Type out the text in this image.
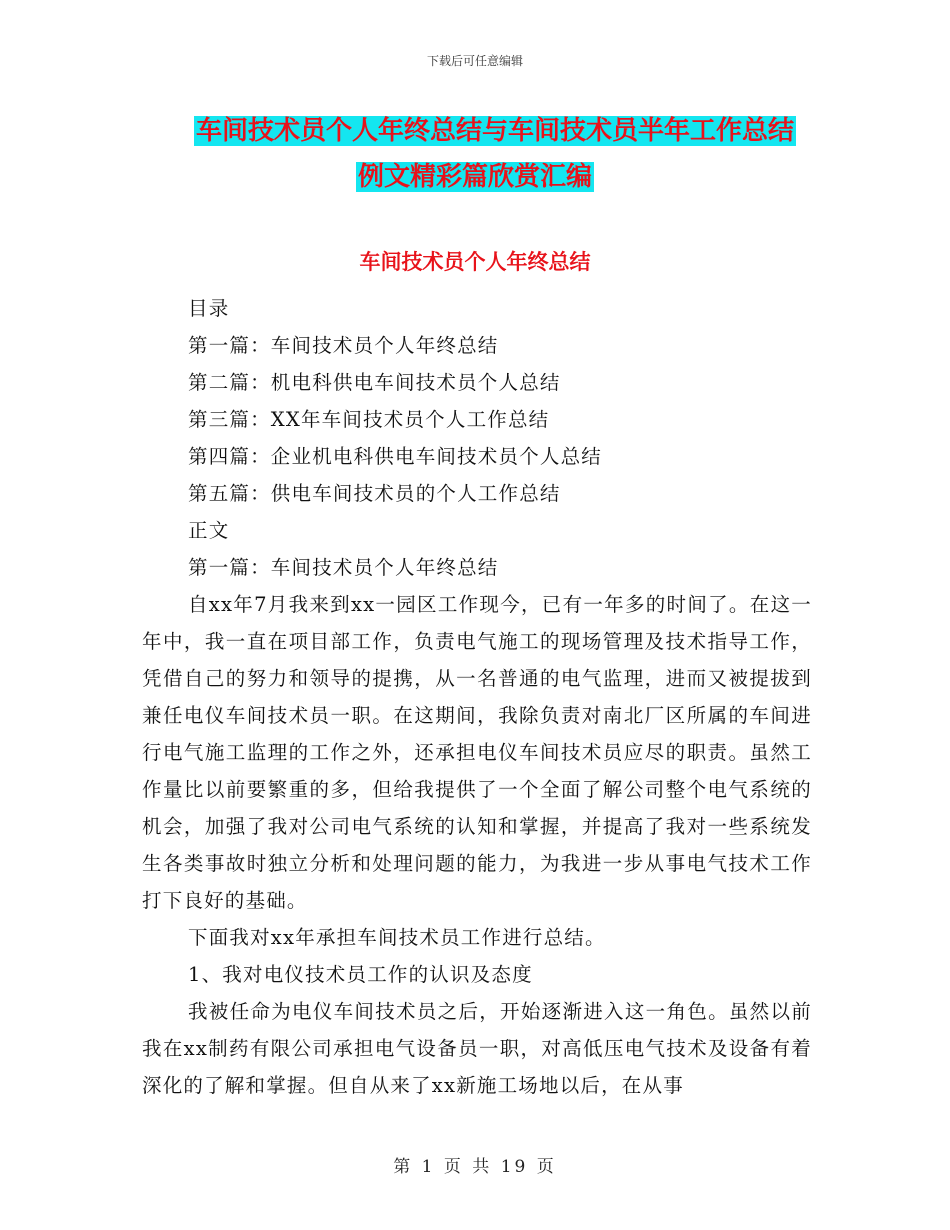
下载后可任意编辑
车间技术员个人年终总结与车间技术员半年工作总结
例文精彩篇欣赏汇编
车间技术员个人年终总结
目录
第一篇：车间技术员个人年终总结
第二篇：机电科供电车间技术员个人总结
第三篇：XX年车间技术员个人工作总结
第四篇：企业机电科供电车间技术员个人总结
第五篇：供电车间技术员的个人工作总结
正文
第一篇：车间技术员个人年终总结
自xx年7月我来到xx一园区工作现今，已有一年多的时间了。在这一年中，我一直在项目部工作，负责电气施工的现场管理及技术指导工作，凭借自己的努力和领导的提携，从一名普通的电气监理，进而又被提拔到兼任电仪车间技术员一职。在这期间，我除负责对南北厂区所属的车间进行电气施工监理的工作之外，还承担电仪车间技术员应尽的职责。虽然工作量比以前要繁重的多，但给我提供了一个全面了解公司整个电气系统的机会，加强了我对公司电气系统的认知和掌握，并提高了我对一些系统发生各类事故时独立分析和处理问题的能力，为我进一步从事电气技术工作打下良好的基础。
下面我对xx年承担车间技术员工作进行总结。
1、我对电仪技术员工作的认识及态度
我被任命为电仪车间技术员之后，开始逐渐进入这一角色。虽然以前我在xx制药有限公司承担电气设备员一职，对高低压电气技术及设备有着深化的了解和掌握。但自从来了xx新施工场地以后，在从事
第 1 页 共 19 页
